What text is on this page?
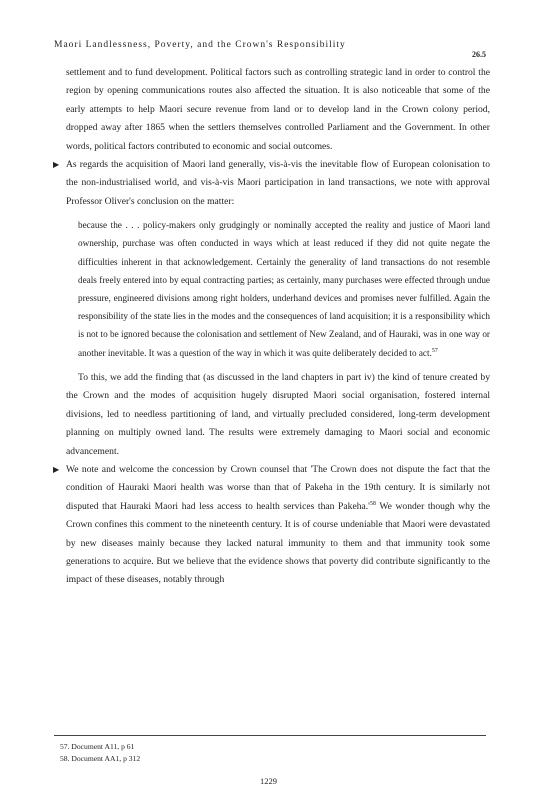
Maori Landlessness, Poverty, and the Crown's Responsibility
26.5

settlement and to fund development. Political factors such as controlling strategic land in order to control the region by opening communications routes also affected the situation. It is also noticeable that some of the early attempts to help Maori secure revenue from land or to develop land in the Crown colony period, dropped away after 1865 when the settlers themselves controlled Parliament and the Government. In other words, political factors contributed to economic and social outcomes.

▶ As regards the acquisition of Maori land generally, vis-à-vis the inevitable flow of European colonisation to the non-industrialised world, and vis-à-vis Maori participation in land transactions, we note with approval Professor Oliver's conclusion on the matter:

because the . . . policy-makers only grudgingly or nominally accepted the reality and justice of Maori land ownership, purchase was often conducted in ways which at least reduced if they did not quite negate the difficulties inherent in that acknowledgement. Certainly the generality of land transactions do not resemble deals freely entered into by equal contracting parties; as certainly, many purchases were effected through undue pressure, engineered divisions among right holders, underhand devices and promises never fulfilled. Again the responsibility of the state lies in the modes and the consequences of land acquisition; it is a responsibility which is not to be ignored because the colonisation and settlement of New Zealand, and of Hauraki, was in one way or another inevitable. It was a question of the way in which it was quite deliberately decided to act.$^{57}$

To this, we add the finding that (as discussed in the land chapters in part iv) the kind of tenure created by the Crown and the modes of acquisition hugely disrupted Maori social organisation, fostered internal divisions, led to needless partitioning of land, and virtually precluded considered, long-term development planning on multiply owned land. The results were extremely damaging to Maori social and economic advancement.

▶ We note and welcome the concession by Crown counsel that 'The Crown does not dispute the fact that the condition of Hauraki Maori health was worse than that of Pakeha in the 19th century. It is similarly not disputed that Hauraki Maori had less access to health services than $Pakeha.'^{58}$ We wonder though why the Crown confines this comment to the nineteenth century. It is of course undeniable that Maori were devastated by new diseases mainly because they lacked natural immunity to them and that immunity took some generations to acquire. But we believe that the evidence shows that poverty did contribute significantly to the impact of these diseases, notably through

57. Document A11, p 61
58. Document AA1, p 312
1229
